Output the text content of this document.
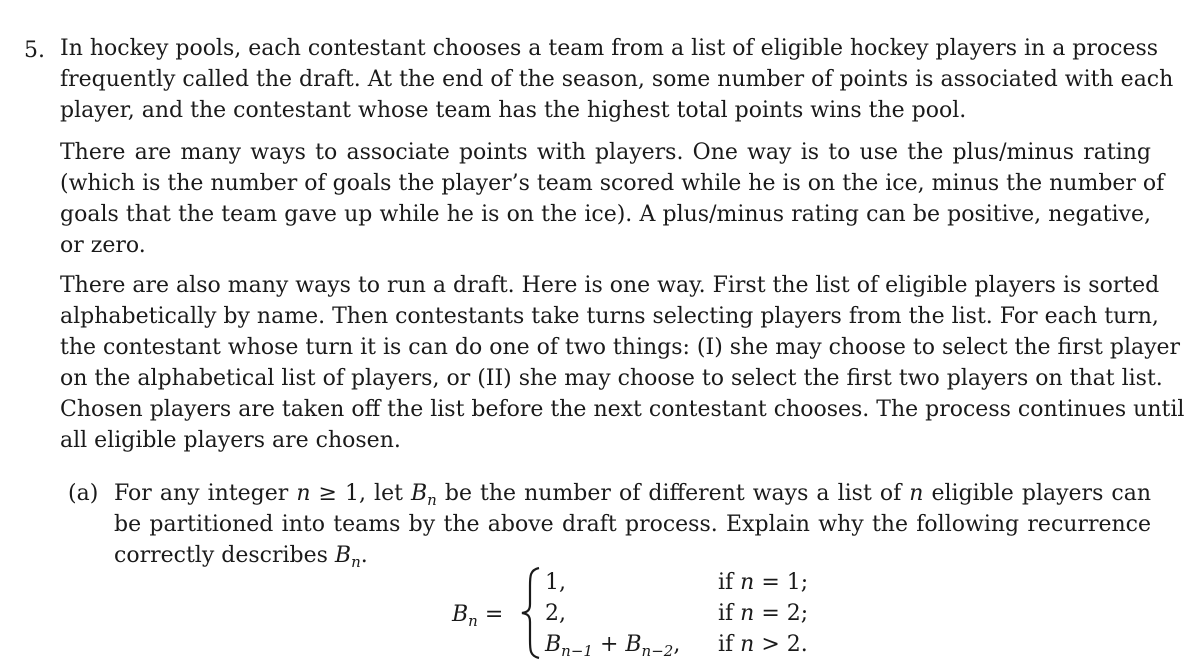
5. In hockey pools, each contestant chooses a team from a list of eligible hockey players in a process
frequently called the draft. At the end of the season, some number of points is associated with each
player, and the contestant whose team has the highest total points wins the pool.
There are many ways to associate points with players. One way is to use the plus/minus rating
(which is the number of goals the player’s team scored while he is on the ice, minus the number of
goals that the team gave up while he is on the ice). A plus/minus rating can be positive, negative,
or zero.
There are also many ways to run a draft. Here is one way. First the list of eligible players is sorted
alphabetically by name. Then contestants take turns selecting players from the list. For each turn,
the contestant whose turn it is can do one of two things: (I) she may choose to select the first player
on the alphabetical list of players, or (II) she may choose to select the first two players on that list.
Chosen players are taken off the list before the next contestant chooses. The process continues until
all eligible players are chosen.
(a) For any integer n ≥ 1, let $B_n$ be the number of different ways a list of n eligible players can
be partitioned into teams by the above draft process. Explain why the following recurrence
correctly describes $B_n$.
$B_n$ =
1,
2,
$B_{n-1} + B_{n-2}$,
if n = 1;
if n = 2;
if n > 2.
